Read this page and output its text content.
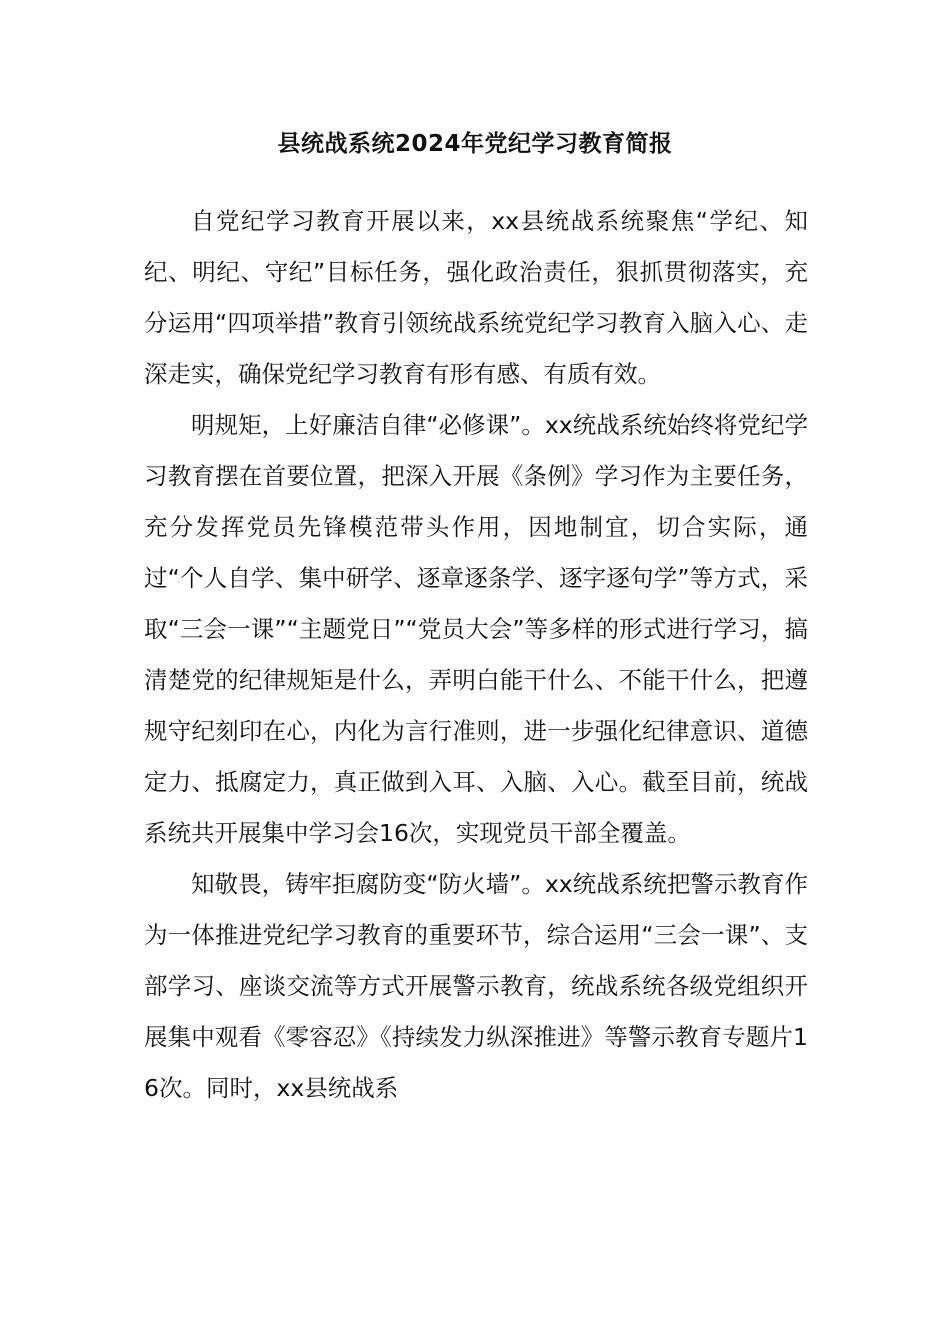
县统战系统2024年党纪学习教育简报

自党纪学习教育开展以来，xx县统战系统聚焦“学纪、知纪、明纪、守纪”目标任务，强化政治责任，狠抓贯彻落实，充分运用“四项举措”教育引领统战系统党纪学习教育入脑入心、走深走实，确保党纪学习教育有形有感、有质有效。

明规矩，上好廉洁自律“必修课”。xx统战系统始终将党纪学习教育摆在首要位置，把深入开展《条例》学习作为主要任务，充分发挥党员先锋模范带头作用，因地制宜，切合实际，通过“个人自学、集中研学、逐章逐条学、逐字逐句学”等方式，采取“三会一课”“主题党日”“党员大会”等多样的形式进行学习，搞清楚党的纪律规矩是什么，弄明白能干什么、不能干什么，把遵规守纪刻印在心，内化为言行准则，进一步强化纪律意识、道德定力、抵腐定力，真正做到入耳、入脑、入心。截至目前，统战系统共开展集中学习会16次，实现党员干部全覆盖。

知敬畏，铸牢拒腐防变“防火墙”。xx统战系统把警示教育作为一体推进党纪学习教育的重要环节，综合运用“三会一课”、支部学习、座谈交流等方式开展警示教育，统战系统各级党组织开展集中观看《零容忍》《持续发力纵深推进》等警示教育专题片16次。同时，xx县统战系
